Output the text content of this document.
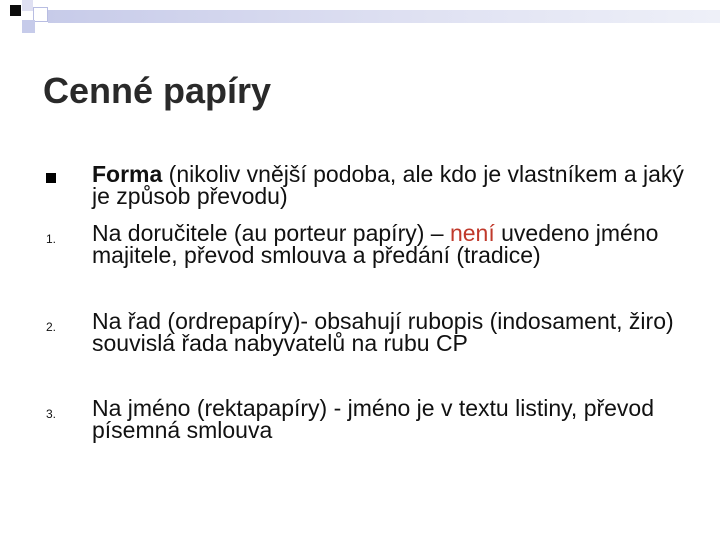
Cenné papíry
Forma (nikoliv vnější podoba, ale kdo je vlastníkem a jaký je způsob převodu)
1. Na doručitele (au porteur papíry) – není uvedeno jméno majitele, převod smlouva a předání (tradice)
2. Na řad (ordrepapíry)- obsahují rubopis (indosament, žiro) souvislá řada nabyvatelů na rubu CP
3. Na jméno (rektapapíry) - jméno je v textu listiny, převod písemná smlouva
